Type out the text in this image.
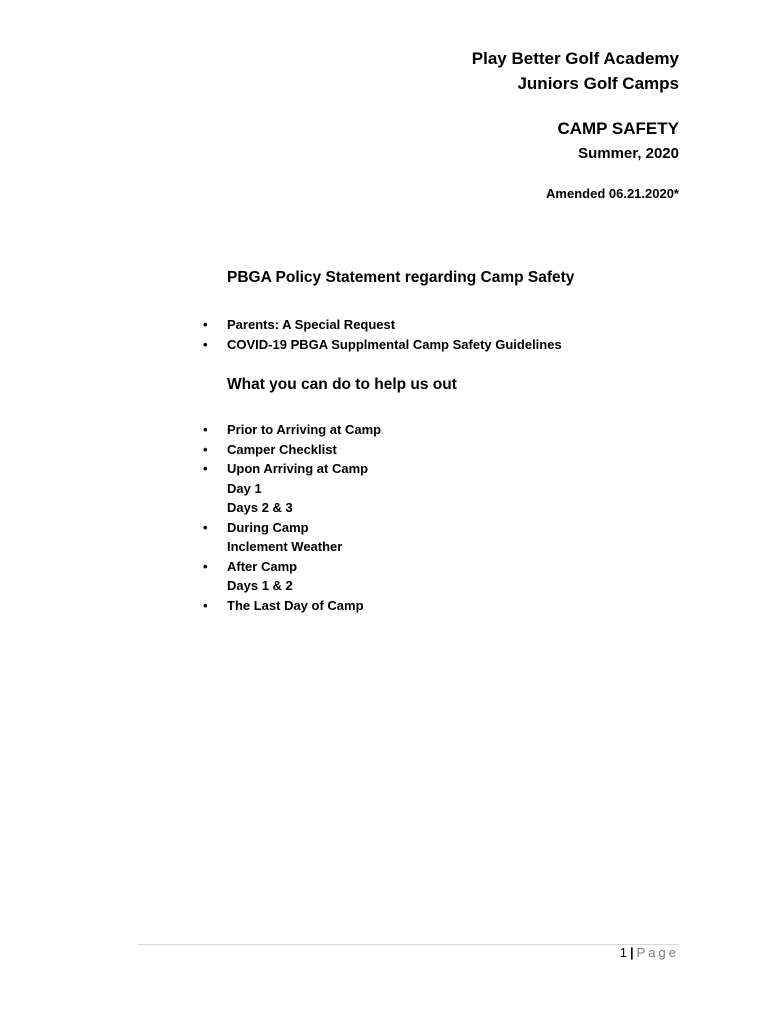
Play Better Golf Academy
Juniors Golf Camps
CAMP SAFETY
Summer, 2020
Amended 06.21.2020*
PBGA Policy Statement regarding Camp Safety
• Parents: A Special Request
• COVID-19 PBGA Supplmental Camp Safety Guidelines
What you can do to help us out
• Prior to Arriving at Camp
• Camper Checklist
• Upon Arriving at Camp
Day 1
Days 2 & 3
• During Camp
Inclement Weather
• After Camp
Days 1 & 2
• The Last Day of Camp
1 | Page
